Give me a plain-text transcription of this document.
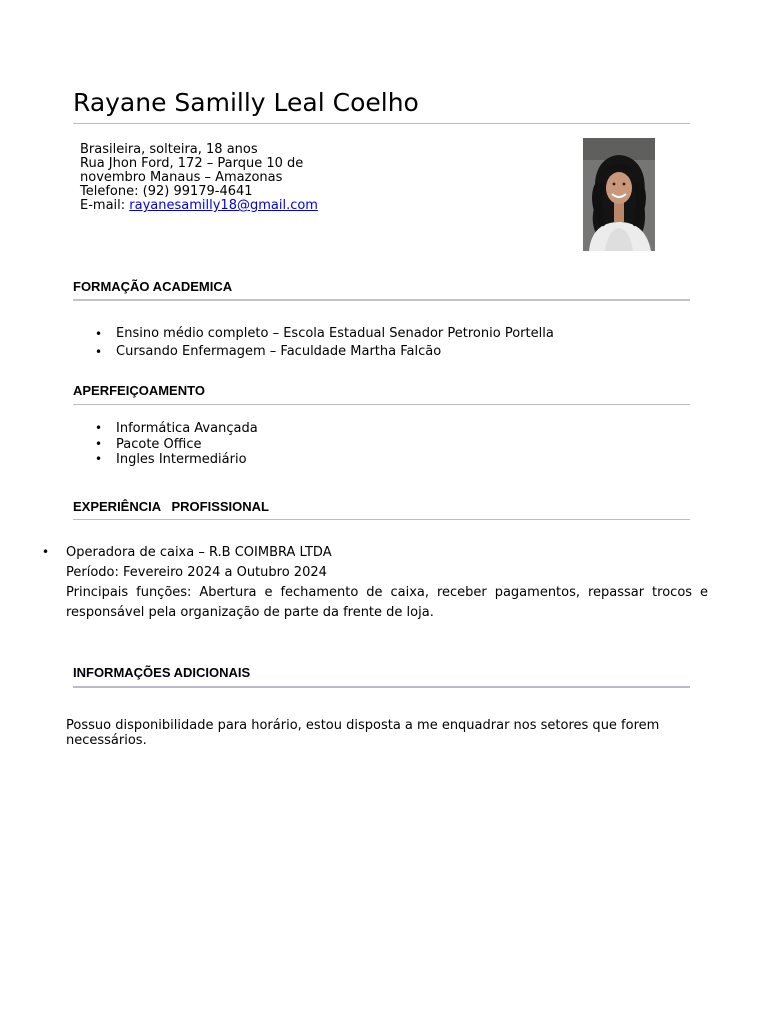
Rayane Samilly Leal Coelho
Brasileira, solteira, 18 anos
Rua Jhon Ford, 172 – Parque 10 de
novembro Manaus – Amazonas
Telefone: (92) 99179-4641
E-mail: rayanesamilly18@gmail.com
FORMAÇÃO ACADEMICA
• Ensino médio completo – Escola Estadual Senador Petronio Portella
• Cursando Enfermagem – Faculdade Martha Falcão
APERFEIÇOAMENTO
• Informática Avançada
• Pacote Office
• Ingles Intermediário
EXPERIÊNCIA   PROFISSIONAL
• Operadora de caixa – R.B COIMBRA LTDA
Período: Fevereiro 2024 a Outubro 2024
Principais funções: Abertura e fechamento de caixa, receber pagamentos, repassar trocos e responsável pela organização de parte da frente de loja.
INFORMAÇÕES ADICIONAIS
Possuo disponibilidade para horário, estou disposta a me enquadrar nos setores que forem necessários.
